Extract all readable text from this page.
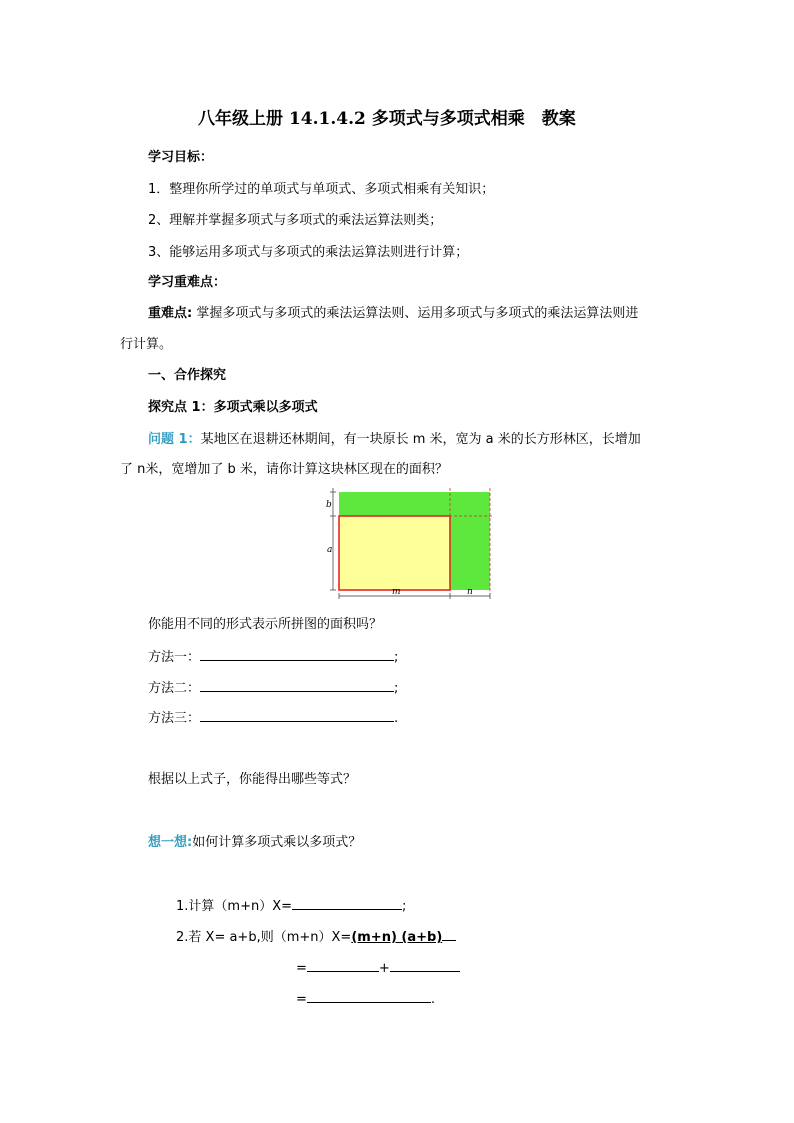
八年级上册 14.1.4.2 多项式与多项式相乘　教案
学习目标：
1．整理你所学过的单项式与单项式、多项式相乘有关知识；
2、理解并掌握多项式与多项式的乘法运算法则类；
3、能够运用多项式与多项式的乘法运算法则进行计算；
学习重难点：
重难点: 掌握多项式与多项式的乘法运算法则、运用多项式与多项式的乘法运算法则进
行计算。
一、合作探究
探究点 1：多项式乘以多项式
问题 1：某地区在退耕还林期间，有一块原长 m 米，宽为 a 米的长方形林区，长增加
了 n米，宽增加了 b 米，请你计算这块林区现在的面积？
b
a
m	n
你能用不同的形式表示所拼图的面积吗？
方法一：	;
方法二：	;
方法三：	.
根据以上式子，你能得出哪些等式？
想一想:如何计算多项式乘以多项式？
1.计算（m+n）X=	;
2.若 X= a+b,则（m+n）X=(m+n) (a+b)
=	+
=	.
